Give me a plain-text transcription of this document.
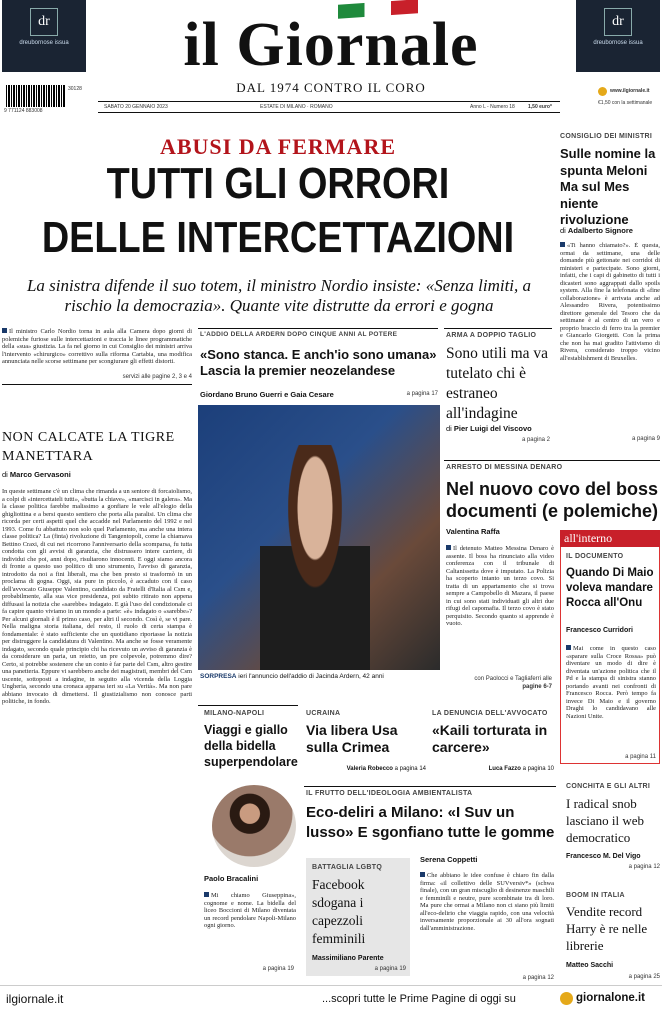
dr
dreubornose issua
dr
dreubornose issua
il Giornale
DAL 1974 CONTRO IL CORO
30128
9 771124 883008
www.ilgiornale.it
€1,50 con la settimanale
SABATO 20 GENNAIO 2023	ESTATE DI MILANO · ROMANO	Anno L - Numero 18	1,50 euro*
ABUSI DA FERMARE
TUTTI GLI ORRORI
DELLE INTERCETTAZIONI
La sinistra difende il suo totem, il ministro Nordio insiste: «Senza limiti, a rischio la democrazia». Quante vite distrutte da errori e gogna
Il ministro Carlo Nordio torna in aula alla Camera dopo giorni di polemiche furiose sulle intercettazioni e traccia le linee programmatiche della «sua» giustizia. La fa nel giorno in cui Consiglio dei ministri arriva l'intervento «chirurgico» correttivo sulla riforma Cartabia, una modifica annunciata nelle scorse settimane per scongiurare gli effetti distorti.
servizi alle pagine 2, 3 e 4
NON CALCATE LA TIGRE MANETTARA
di Marco Gervasoni
In queste settimane c'è un clima che rimanda a un sentore di forcaiolismo, a colpi di «intercettateli tutti», «butta la chiave», «marcisci in galera». Ma la classe politica farebbe malissimo a gonfiare le vele all'elogio della ghigliottina e a bersi questo sentiero che porta alla paralisi. Un clima che ricorda per certi aspetti quel che accadde nel Parlamento del 1992 e nel 1993. Come fu abbattuto non solo quel Parlamento, ma anche una intera classe politica? La (finta) rivoluzione di Tangentopoli, come la chiamava Bettino Craxi, di cui nei ricorrono l'anniversario della scomparsa, fu tutta condotta con gli avvisi di garanzia, che distrussero intere carriere, di individui che poi, anni dopo, risultarono innocenti. E oggi siamo ancora di fronte a questo uso politico di uno strumento, l'avviso di garanzia, introdotto da noi a fini liberali, ma che ben presto si trasformò in un proclama di gogna. Oggi, sia pure in piccolo, è accaduto con il caso dell'avvocato Giuseppe Valentino, candidato da Fratelli d'Italia al Csm e, probabilmente, alla sua vice presidenza, poi subito ritirato non appena diffusasi la notizia che «sarebbe» indagato. E già l'uso del condizionale ci fa capire quanto viviamo in un mondo a parte: «è» indagato o «sarebbe»? Per alcuni giornali è il primo caso, per altri il secondo. Così è, se vi pare. Nella maligna storia italiana, del resto, il ruolo di certa stampa è fondamentale: è stato sufficiente che un quotidiano riportasse la notizia per distruggere la candidatura di Valentino. Ma anche se fosse veramente indagato, secondo quale principio chi ha ricevuto un avviso di garanzia è da considerare un paria, un reietto, un pre colpevole, potremmo dire? Certo, si potrebbe sostenere che un conto è far parte del Csm, altro gestire una panetteria. Eppure vi sarebbero anche dei magistrati, membri del Csm uscente, sottoposti a indagine, in seguito alla vicenda della Loggia Ungheria, secondo una cronaca apparsa ieri su «La Verità». Ma non pare abbiano invocato di dimettersi. Il giustizialismo non conosce parti politiche, in fondo.
L'ADDIO DELLA ARDERN DOPO CINQUE ANNI AL POTERE
«Sono stanca. E anch'io sono umana» Lascia la premier neozelandese
Giordano Bruno Guerri e Gaia Cesare	a pagina 17
SORPRESA ieri l'annuncio dell'addio di Jacinda Ardern, 42 anni
ARMA A DOPPIO TAGLIO
Sono utili ma va tutelato chi è estraneo all'indagine
di Pier Luigi del Viscovo
a pagina 2
CONSIGLIO DEI MINISTRI
Sulle nomine la spunta Meloni Ma sul Mes niente rivoluzione
di Adalberto Signore
«Ti hanno chiamato?». È questa, ormai da settimane, una delle domande più gettonate nei corridoi di ministeri e partecipate. Sono giorni, infatti, che i capi di gabinetto di tutti i dicasteri sono aggrappati dallo spoils system. Alla fine la telefonata di «fine collaborazione» è arrivata anche ad Alessandro Rivera, potentissimo direttore generale del Tesoro che da settimane è al centro di un vero e proprio braccio di ferro tra la premier e Giancarlo Giorgetti. Con la prima che non ha mai gradito l'attivismo di Rivera, considerato troppo vicino all'establishment di Bruxelles.
a pagina 9
ARRESTO DI MESSINA DENARO
Nel nuovo covo del boss documenti (e polemiche)
Valentina Raffa
Il detenuto Matteo Messina Denaro è assente. Il boss ha rinunciato alla video conferenza con il tribunale di Caltanissetta dove è imputato. La Polizia ha scoperto intanto un terzo covo. Si tratta di un appartamento che si trova sempre a Campobello di Mazara, il paese in cui sono stati individuati gli altri due rifugi del capomafia. Il terzo covo è stato perquisito. Secondo quanto si apprende è vuoto.
con Paolocci e Tagliaferri alle
pagine 6-7
all'interno
IL DOCUMENTO
Quando Di Maio voleva mandare Rocca all'Onu
Francesco Curridori
Mai come in questo caso «sparare sulla Croce Rossa» può diventare un modo di dire è diventata un'azione politica che il Pd e la stampa di sinistra stanno portando avanti nei confronti di Francesco Rocca. Però tempo fa invece Di Maio e il governo Draghi lo candidavano alle Nazioni Unite.
a pagina 11
CONCHITA E GLI ALTRI
I radical snob lasciano il web democratico
Francesco M. Del Vigo
a pagina 12
BOOM IN ITALIA
Vendite record Harry è re nelle librerie
Matteo Sacchi
a pagina 25
MILANO-NAPOLI
Viaggi e giallo della bidella superpendolare
Paolo Bracalini
Mi chiamo Giuseppina», cognome e nome. La bidella del liceo Boccioni di Milano diventata un record pendolare Napoli-Milano ogni giorno.
a pagina 19
UCRAINA
Via libera Usa sulla Crimea
Valeria Robecco a pagina 14
LA DENUNCIA DELL'AVVOCATO
«Kaili torturata in carcere»
Luca Fazzo a pagina 10
IL FRUTTO DELL'IDEOLOGIA AMBIENTALISTA
Eco-deliri a Milano: «I Suv un lusso» E sgonfiano tutte le gomme
Serena Coppetti
Che abbiano le idee confuse è chiaro fin dalla firma: «il collettivo delle SUVversiv*» (schwa finale), con un gran miscuglio di desinenze maschili e femminili e neutre, pure scombinate tra di loro. Ma pure che ormai a Milano non ci siano più limiti all'eco-delirio che viaggia rapido, con una velocità inversamente proporzionale ai 30 all'ora sognati dall'amministrazione.
a pagina 12
BATTAGLIA LGBTQ
Facebook sdogana i capezzoli femminili
Massimiliano Parente
a pagina 19
ilgiornale.it	...scopri tutte le Prime Pagine di oggi su	giornalone.it
